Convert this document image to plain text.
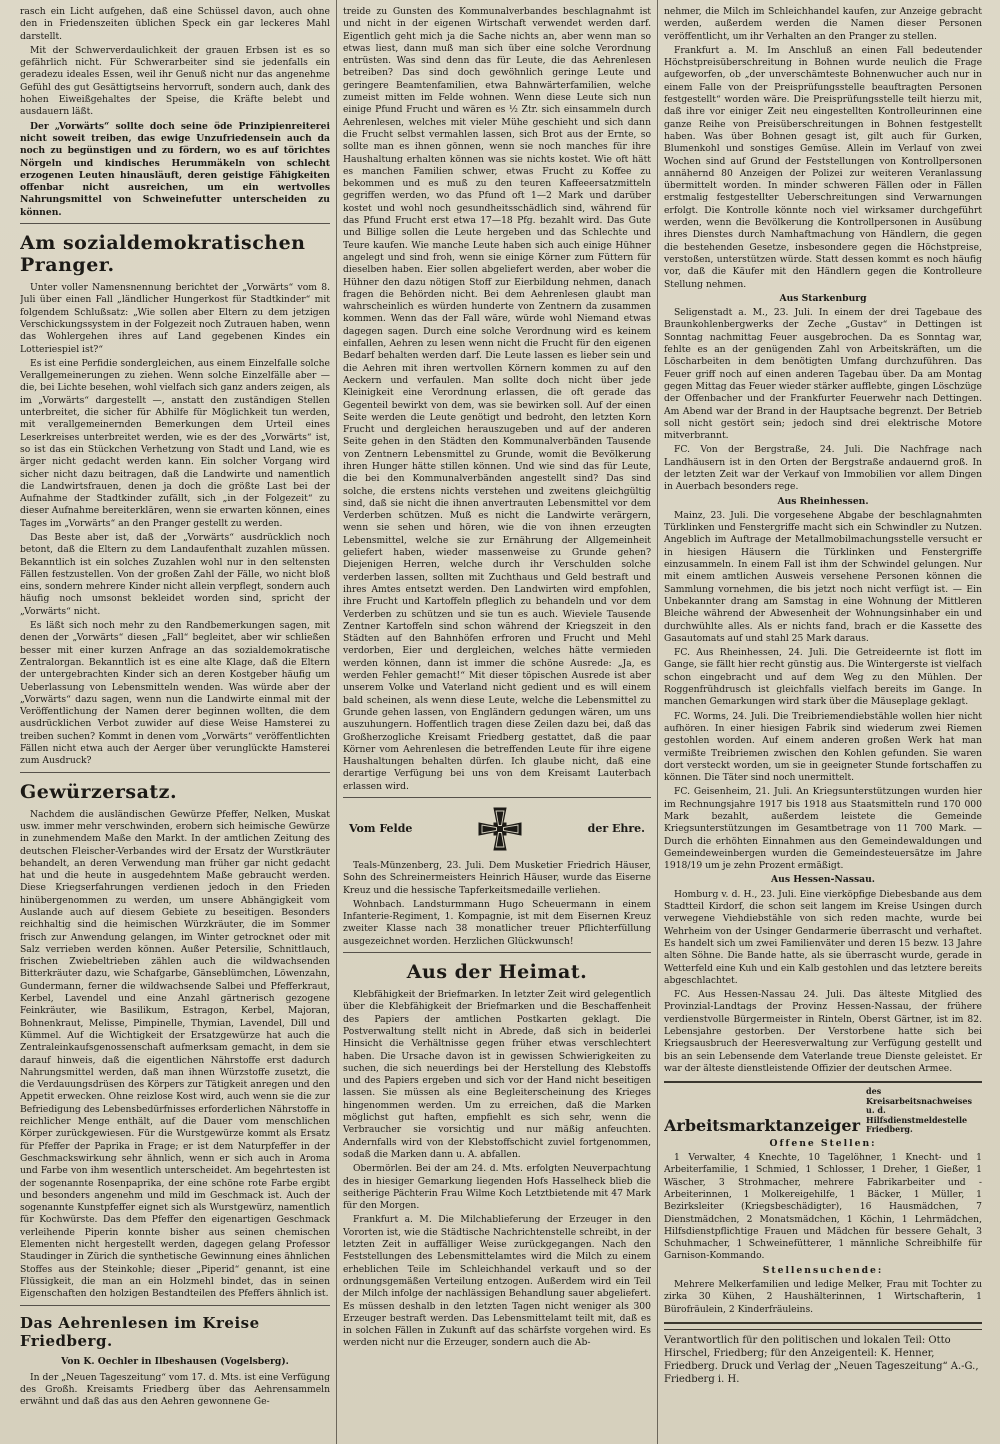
rasch ein Licht aufgehen, daß eine Schüssel davon, auch ohne den in Friedenszeiten üblichen Speck ein gar leckeres Mahl darstellt.

Mit der Schwerverdaulichkeit der grauen Erbsen ist es so gefährlich nicht. Für Schwerarbeiter sind sie jedenfalls ein geradezu ideales Essen, weil ihr Genuß nicht nur das angenehme Gefühl des gut Gesättigtseins hervorruft, sondern auch, dank des hohen Eiweißgehaltes der Speise, die Kräfte belebt und ausdauern läßt.

Der „Vorwärts“ sollte doch seine öde Prinzipienreiterei nicht soweit treiben, das ewige Unzufriedensein auch da noch zu begünstigen und zu fördern, wo es auf törichtes Nörgeln und kindisches Herummäkeln von schlecht erzogenen Leuten hinausläuft, deren geistige Fähigkeiten offenbar nicht ausreichen, um ein wertvolles Nahrungsmittel von Schweinefutter unterscheiden zu können.

Am sozialdemokratischen Pranger.

Unter voller Namensnennung berichtet der „Vorwärts“ vom 8. Juli über einen Fall „ländlicher Hungerkost für Stadtkinder“ mit folgendem Schlußsatz: „Wie sollen aber Eltern zu dem jetzigen Verschickungssystem in der Folgezeit noch Zutrauen haben, wenn das Wohlergehen ihres auf Land gegebenen Kindes ein Lotteriespiel ist?“

Es ist eine Perfidie sondergleichen, aus einem Einzelfalle solche Verallgemeinerungen zu ziehen. Wenn solche Einzelfälle aber — die, bei Lichte besehen, wohl vielfach sich ganz anders zeigen, als im „Vorwärts“ dargestellt —, anstatt den zuständigen Stellen unterbreitet, die sicher für Abhilfe für Möglichkeit tun werden, mit verallgemeinernden Bemerkungen dem Urteil eines Leserkreises unterbreitet werden, wie es der des „Vorwärts“ ist, so ist das ein Stückchen Verhetzung von Stadt und Land, wie es ärger nicht gedacht werden kann. Ein solcher Vorgang wird sicher nicht dazu beitragen, daß die Landwirte und namentlich die Landwirtsfrauen, denen ja doch die größte Last bei der Aufnahme der Stadtkinder zufällt, sich „in der Folgezeit“ zu dieser Aufnahme bereiterklären, wenn sie erwarten können, eines Tages im „Vorwärts“ an den Pranger gestellt zu werden.

Das Beste aber ist, daß der „Vorwärts“ ausdrücklich noch betont, daß die Eltern zu dem Landaufenthalt zuzahlen müssen. Bekanntlich ist ein solches Zuzahlen wohl nur in den seltensten Fällen festzustellen. Von der großen Zahl der Fälle, wo nicht bloß eins, sondern mehrere Kinder nicht allein verpflegt, sondern auch häufig noch umsonst bekleidet worden sind, spricht der „Vorwärts“ nicht.

Es läßt sich noch mehr zu den Randbemerkungen sagen, mit denen der „Vorwärts“ diesen „Fall“ begleitet, aber wir schließen besser mit einer kurzen Anfrage an das sozialdemokratische Zentralorgan. Bekanntlich ist es eine alte Klage, daß die Eltern der untergebrachten Kinder sich an deren Kostgeber häufig um Ueberlassung von Lebensmitteln wenden. Was würde aber der „Vorwärts“ dazu sagen, wenn nun die Landwirte einmal mit der Veröffentlichung der Namen derer beginnen wollten, die dem ausdrücklichen Verbot zuwider auf diese Weise Hamsterei zu treiben suchen? Kommt in denen vom „Vorwärts“ veröffentlichten Fällen nicht etwa auch der Aerger über verunglückte Hamsterei zum Ausdruck?

Gewürzersatz.

Nachdem die ausländischen Gewürze Pfeffer, Nelken, Muskat usw. immer mehr verschwinden, erobern sich heimische Gewürze in zunehmendem Maße den Markt. In der amtlichen Zeitung des deutschen Fleischer-Verbandes wird der Ersatz der Wurstkräuter behandelt, an deren Verwendung man früher gar nicht gedacht hat und die heute in ausgedehntem Maße gebraucht werden. Diese Kriegserfahrungen verdienen jedoch in den Frieden hinübergenommen zu werden, um unsere Abhängigkeit vom Auslande auch auf diesem Gebiete zu beseitigen. Besonders reichhaltig sind die heimischen Würzkräuter, die im Sommer frisch zur Anwendung gelangen, im Winter getrocknet oder mit Salz verrieben werden können. Außer Petersilie, Schnittlauch, frischen Zwiebeltrieben zählen auch die wildwachsenden Bitterkräuter dazu, wie Schafgarbe, Gänseblümchen, Löwenzahn, Gundermann, ferner die wildwachsende Salbei und Pfefferkraut, Kerbel, Lavendel und eine Anzahl gärtnerisch gezogene Feinkräuter, wie Basilikum, Estragon, Kerbel, Majoran, Bohnenkraut, Melisse, Pimpinelle, Thymian, Lavendel, Dill und Kümmel. Auf die Wichtigkeit der Ersatzgewürze hat auch die Zentraleinkaufsgenossenschaft aufmerksam gemacht, in dem sie darauf hinweis, daß die eigentlichen Nährstoffe erst dadurch Nahrungsmittel werden, daß man ihnen Würzstoffe zusetzt, die die Verdauungsdrüsen des Körpers zur Tätigkeit anregen und den Appetit erwecken. Ohne reizlose Kost wird, auch wenn sie die zur Befriedigung des Lebensbedürfnisses erforderlichen Nährstoffe in reichlicher Menge enthält, auf die Dauer vom menschlichen Körper zurückgewiesen. Für die Wurstgewürze kommt als Ersatz für Pfeffer der Paprika in Frage; er ist dem Naturpfeffer in der Geschmackswirkung sehr ähnlich, wenn er sich auch in Aroma und Farbe von ihm wesentlich unterscheidet. Am begehrtesten ist der sogenannte Rosenpaprika, der eine schöne rote Farbe ergibt und besonders angenehm und mild im Geschmack ist. Auch der sogenannte Kunstpfeffer eignet sich als Wurstgewürz, namentlich für Kochwürste. Das dem Pfeffer den eigenartigen Geschmack verleihende Piperin konnte bisher aus seinen chemischen Elementen nicht hergestellt werden, dagegen gelang Professor Staudinger in Zürich die synthetische Gewinnung eines ähnlichen Stoffes aus der Steinkohle; dieser „Piperid“ genannt, ist eine Flüssigkeit, die man an ein Holzmehl bindet, das in seinen Eigenschaften den holzigen Bestandteilen des Pfeffers ähnlich ist.

Das Aehrenlesen im Kreise Friedberg.

Von K. Oechler in Ilbeshausen (Vogelsberg).

In der „Neuen Tageszeitung“ vom 17. d. Mts. ist eine Verfügung des Großh. Kreisamts Friedberg über das Aehrensammeln erwähnt und daß das aus den Aehren gewonnene Ge-

treide zu Gunsten des Kommunalverbandes beschlagnahmt ist und nicht in der eigenen Wirtschaft verwendet werden darf. Eigentlich geht mich ja die Sache nichts an, aber wenn man so etwas liest, dann muß man sich über eine solche Verordnung entrüsten. Was sind denn das für Leute, die das Aehrenlesen betreiben? Das sind doch gewöhnlich geringe Leute und geringere Beamtenfamilien, etwa Bahnwärterfamilien, welche zumeist mitten im Felde wohnen. Wenn diese Leute sich nun einige Pfund Frucht und wären es ½ Ztr. sich einsammeln durch Aehrenlesen, welches mit vieler Mühe geschieht und sich dann die Frucht selbst vermahlen lassen, sich Brot aus der Ernte, so sollte man es ihnen gönnen, wenn sie noch manches für ihre Haushaltung erhalten können was sie nichts kostet. Wie oft hätt es manchen Familien schwer, etwas Frucht zu Koffee zu bekommen und es muß zu den teuren Kaffeeersatzmitteln gegriffen werden, wo das Pfund oft 1—2 Mark und darüber kostet und wohl noch gesundheitsschädlich sind, während für das Pfund Frucht erst etwa 17—18 Pfg. bezahlt wird. Das Gute und Billige sollen die Leute hergeben und das Schlechte und Teure kaufen. Wie manche Leute haben sich auch einige Hühner angelegt und sind froh, wenn sie einige Körner zum Füttern für dieselben haben. Eier sollen abgeliefert werden, aber wober die Hühner den dazu nötigen Stoff zur Eierbildung nehmen, danach fragen die Behörden nicht. Bei dem Aehrenlesen glaubt man wahrscheinlich es würden hunderte von Zentnern da zusammen kommen. Wenn das der Fall wäre, würde wohl Niemand etwas dagegen sagen. Durch eine solche Verordnung wird es keinem einfallen, Aehren zu lesen wenn nicht die Frucht für den eigenen Bedarf behalten werden darf. Die Leute lassen es lieber sein und die Aehren mit ihren wertvollen Körnern kommen zu auf den Aeckern und verfaulen. Man sollte doch nicht über jede Kleinigkeit eine Verordnung erlassen, die oft gerade das Gegenteil bewirkt von dem, was sie bewirken soll. Auf der einen Seite werden die Leute genötigt und bedroht, den letzten Korn Frucht und dergleichen herauszugeben und auf der anderen Seite gehen in den Städten den Kommunalverbänden Tausende von Zentnern Lebensmittel zu Grunde, womit die Bevölkerung ihren Hunger hätte stillen können. Und wie sind das für Leute, die bei den Kommunalverbänden angestellt sind? Das sind solche, die erstens nichts verstehen und zweitens gleichgültig sind, daß sie nicht die ihnen anvertrauten Lebensmittel vor dem Verderben schützen. Muß es nicht die Landwirte verärgern, wenn sie sehen und hören, wie die von ihnen erzeugten Lebensmittel, welche sie zur Ernährung der Allgemeinheit geliefert haben, wieder massenweise zu Grunde gehen? Diejenigen Herren, welche durch ihr Verschulden solche verderben lassen, sollten mit Zuchthaus und Geld bestraft und ihres Amtes entsetzt werden. Den Landwirten wird empfohlen, ihre Frucht und Kartoffeln pfleglich zu behandeln und vor dem Verderben zu schützen und sie tun es auch. Wieviele Tausende Zentner Kartoffeln sind schon während der Kriegszeit in den Städten auf den Bahnhöfen erfroren und Frucht und Mehl verdorben, Eier und dergleichen, welches hätte vermieden werden können, dann ist immer die schöne Ausrede: „Ja, es werden Fehler gemacht!“ Mit dieser töpischen Ausrede ist aber unserem Volke und Vaterland nicht gedient und es will einem bald scheinen, als wenn diese Leute, welche die Lebensmittel zu Grunde gehen lassen, von Engländern gedungen wären, um uns auszuhungern. Hoffentlich tragen diese Zeilen dazu bei, daß das Großherzogliche Kreisamt Friedberg gestattet, daß die paar Körner vom Aehrenlesen die betreffenden Leute für ihre eigene Haushaltungen behalten dürfen. Ich glaube nicht, daß eine derartige Verfügung bei uns von dem Kreisamt Lauterbach erlassen wird.

Vom Felde	der Ehre.

Teals-Münzenberg, 23. Juli. Dem Musketier Friedrich Häuser, Sohn des Schreinermeisters Heinrich Häuser, wurde das Eiserne Kreuz und die hessische Tapferkeitsmedaille verliehen.

Wohnbach. Landsturmmann Hugo Scheuermann in einem Infanterie-Regiment, 1. Kompagnie, ist mit dem Eisernen Kreuz zweiter Klasse nach 38 monatlicher treuer Pflichterfüllung ausgezeichnet worden. Herzlichen Glückwunsch!

Aus der Heimat.

Klebfähigkeit der Briefmarken. In letzter Zeit wird gelegentlich über die Klebfähigkeit der Briefmarken und die Beschaffenheit des Papiers der amtlichen Postkarten geklagt. Die Postverwaltung stellt nicht in Abrede, daß sich in beiderlei Hinsicht die Verhältnisse gegen früher etwas verschlechtert haben. Die Ursache davon ist in gewissen Schwierigkeiten zu suchen, die sich neuerdings bei der Herstellung des Klebstoffs und des Papiers ergeben und sich vor der Hand nicht beseitigen lassen. Sie müssen als eine Begleiterscheinung des Krieges hingenommen werden. Um zu erreichen, daß die Marken möglichst gut haften, empfiehlt es sich sehr, wenn die Verbraucher sie vorsichtig und nur mäßig anfeuchten. Andernfalls wird von der Klebstoffschicht zuviel fortgenommen, sodaß die Marken dann u. A. abfallen.

Obermörlen. Bei der am 24. d. Mts. erfolgten Neuverpachtung des in hiesiger Gemarkung liegenden Hofs Hasselheck blieb die seitherige Pächterin Frau Wilme Koch Letztbietende mit 47 Mark für den Morgen.

Frankfurt a. M. Die Milchablieferung der Erzeuger in den Vororten ist, wie die Städtische Nachrichtenstelle schreibt, in der letzten Zeit in auffälliger Weise zurückgegangen. Nach den Feststellungen des Lebensmittelamtes wird die Milch zu einem erheblichen Teile im Schleichhandel verkauft und so der ordnungsgemäßen Verteilung entzogen. Außerdem wird ein Teil der Milch infolge der nachlässigen Behandlung sauer abgeliefert. Es müssen deshalb in den letzten Tagen nicht weniger als 300 Erzeuger bestraft werden. Das Lebensmittelamt teilt mit, daß es in solchen Fällen in Zukunft auf das schärfste vorgehen wird. Es werden nicht nur die Erzeuger, sondern auch die Ab-

nehmer, die Milch im Schleichhandel kaufen, zur Anzeige gebracht werden, außerdem werden die Namen dieser Personen veröffentlicht, um ihr Verhalten an den Pranger zu stellen.

Frankfurt a. M. Im Anschluß an einen Fall bedeutender Höchstpreisüberschreitung in Bohnen wurde neulich die Frage aufgeworfen, ob „der unverschämteste Bohnenwucher auch nur in einem Falle von der Preisprüfungsstelle beauftragten Personen festgestellt“ worden wäre. Die Preisprüfungsstelle teilt hierzu mit, daß ihre vor einiger Zeit neu eingestellten Kontrolleurinnen eine ganze Reihe von Preisüberschreitungen in Bohnen festgestellt haben. Was über Bohnen gesagt ist, gilt auch für Gurken, Blumenkohl und sonstiges Gemüse. Allein im Verlauf von zwei Wochen sind auf Grund der Feststellungen von Kontrollpersonen annähernd 80 Anzeigen der Polizei zur weiteren Veranlassung übermittelt worden. In minder schweren Fällen oder in Fällen erstmalig festgestellter Ueberschreitungen sind Verwarnungen erfolgt. Die Kontrolle könnte noch viel wirksamer durchgeführt werden, wenn die Bevölkerung die Kontrollpersonen in Ausübung ihres Dienstes durch Namhaftmachung von Händlern, die gegen die bestehenden Gesetze, insbesondere gegen die Höchstpreise, verstoßen, unterstützen würde. Statt dessen kommt es noch häufig vor, daß die Käufer mit den Händlern gegen die Kontrolleure Stellung nehmen.

Aus Starkenburg

Seligenstadt a. M., 23. Juli. In einem der drei Tagebaue des Braunkohlenbergwerks der Zeche „Gustav“ in Dettingen ist Sonntag nachmittag Feuer ausgebrochen. Da es Sonntag war, fehlte es an der genügenden Zahl von Arbeitskräften, um die Löscharbeiten in dem benötigten Umfang durchzuführen. Das Feuer griff noch auf einen anderen Tagebau über. Da am Montag gegen Mittag das Feuer wieder stärker aufflebte, gingen Löschzüge der Offenbacher und der Frankfurter Feuerwehr nach Dettingen. Am Abend war der Brand in der Hauptsache begrenzt. Der Betrieb soll nicht gestört sein; jedoch sind drei elektrische Motore mitverbrannt.

FC. Von der Bergstraße, 24. Juli. Die Nachfrage nach Landhäusern ist in den Orten der Bergstraße andauernd groß. In der letzten Zeit war der Verkauf von Immobilien vor allem Dingen in Auerbach besonders rege.

Aus Rheinhessen.

Mainz, 23. Juli. Die vorgesehene Abgabe der beschlagnahmten Türklinken und Fenstergriffe macht sich ein Schwindler zu Nutzen. Angeblich im Auftrage der Metallmobilmachungsstelle versucht er in hiesigen Häusern die Türklinken und Fenstergriffe einzusammeln. In einem Fall ist ihm der Schwindel gelungen. Nur mit einem amtlichen Ausweis versehene Personen können die Sammlung vornehmen, die bis jetzt noch nicht verfügt ist. — Ein Unbekannter drang am Samstag in eine Wohnung der Mittleren Bleiche während der Abwesenheit der Wohnungsinhaber ein und durchwühlte alles. Als er nichts fand, brach er die Kassette des Gasautomats auf und stahl 25 Mark daraus.

FC. Aus Rheinhessen, 24. Juli. Die Getreideernte ist flott im Gange, sie fällt hier recht günstig aus. Die Wintergerste ist vielfach schon eingebracht und auf dem Weg zu den Mühlen. Der Roggenfrühdrusch ist gleichfalls vielfach bereits im Gange. In manchen Gemarkungen wird stark über die Mäuseplage geklagt.

FC. Worms, 24. Juli. Die Treibriemendiebstähle wollen hier nicht aufhören. In einer hiesigen Fabrik sind wiederum zwei Riemen gestohlen worden. Auf einem anderen großen Werk hat man vermißte Treibriemen zwischen den Kohlen gefunden. Sie waren dort versteckt worden, um sie in geeigneter Stunde fortschaffen zu können. Die Täter sind noch unermittelt.

FC. Geisenheim, 21. Juli. An Kriegsunterstützungen wurden hier im Rechnungsjahre 1917 bis 1918 aus Staatsmitteln rund 170 000 Mark bezahlt, außerdem leistete die Gemeinde Kriegsunterstützungen im Gesamtbetrage von 11 700 Mark. — Durch die erhöhten Einnahmen aus den Gemeindewaldungen und Gemeindeweinbergen wurden die Gemeindesteuersätze im Jahre 1918/19 um je zehn Prozent ermäßigt.

Aus Hessen-Nassau.

Homburg v. d. H., 23. Juli. Eine vierköpfige Diebesbande aus dem Stadtteil Kirdorf, die schon seit langem im Kreise Usingen durch verwegene Viehdiebstähle von sich reden machte, wurde bei Wehrheim von der Usinger Gendarmerie überrascht und verhaftet. Es handelt sich um zwei Familienväter und deren 15 bezw. 13 Jahre alten Söhne. Die Bande hatte, als sie überrascht wurde, gerade in Wetterfeld eine Kuh und ein Kalb gestohlen und das letztere bereits abgeschlachtet.

FC. Aus Hessen-Nassau 24. Juli. Das älteste Mitglied des Provinzial-Landtags der Provinz Hessen-Nassau, der frühere verdienstvolle Bürgermeister in Rinteln, Oberst Gärtner, ist im 82. Lebensjahre gestorben. Der Verstorbene hatte sich bei Kriegsausbruch der Heeresverwaltung zur Verfügung gestellt und bis an sein Lebensende dem Vaterlande treue Dienste geleistet. Er war der älteste dienstleistende Offizier der deutschen Armee.

Arbeitsmarktanzeiger
des Kreisarbeitsnachweises u. d.
Hilfsdienstmeldestelle Friedberg.

Offene Stellen:

1 Verwalter, 4 Knechte, 10 Tagelöhner, 1 Knecht- und 1 Arbeiterfamilie, 1 Schmied, 1 Schlosser, 1 Dreher, 1 Gießer, 1 Wäscher, 3 Strohmacher, mehrere Fabrikarbeiter und -Arbeiterinnen, 1 Molkereigehilfe, 1 Bäcker, 1 Müller, 1 Bezirksleiter (Kriegsbeschädigter), 16 Hausmädchen, 7 Dienstmädchen, 2 Monatsmädchen, 1 Köchin, 1 Lehrmädchen, Hilfsdienstpflichtige Frauen und Mädchen für bessere Gehalt, 3 Schuhmacher, 1 Schweinefütterer, 1 männliche Schreibhilfe für Garnison-Kommando.

Stellensuchende:

Mehrere Melkerfamilien und ledige Melker, Frau mit Tochter zu zirka 30 Kühen, 2 Haushälterinnen, 1 Wirtschafterin, 1 Bürofräulein, 2 Kinderfräuleins.

Verantwortlich für den politischen und lokalen Teil: Otto Hirschel, Friedberg; für den Anzeigenteil: K. Henner, Friedberg. Druck und Verlag der „Neuen Tageszeitung“ A.-G., Friedberg i. H.
